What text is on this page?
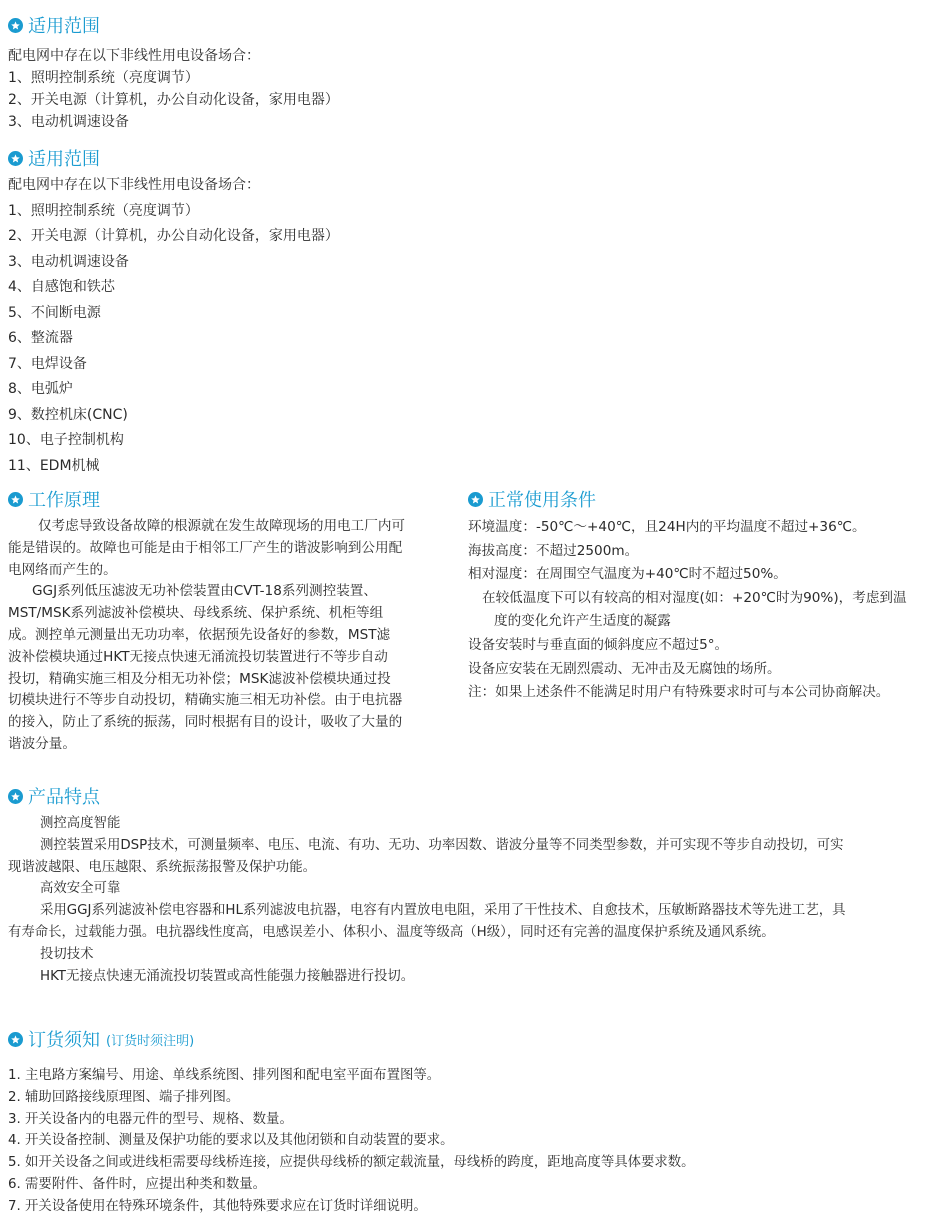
适用范围
配电网中存在以下非线性用电设备场合：
1、照明控制系统（亮度调节）
2、开关电源（计算机，办公自动化设备，家用电器）
3、电动机调速设备
适用范围
配电网中存在以下非线性用电设备场合：
1、照明控制系统（亮度调节）
2、开关电源（计算机，办公自动化设备，家用电器）
3、电动机调速设备
4、自感饱和铁芯
5、不间断电源
6、整流器
7、电焊设备
8、电弧炉
9、数控机床(CNC)
10、电子控制机构
11、EDM机械
工作原理
仅考虑导致设备故障的根源就在发生故障现场的用电工厂内可
能是错误的。故障也可能是由于相邻工厂产生的谐波影响到公用配
电网络而产生的。
GGJ系列低压滤波无功补偿装置由CVT-18系列测控装置、
MST/MSK系列滤波补偿模块、母线系统、保护系统、机柜等组
成。测控单元测量出无功功率，依据预先设备好的参数，MST滤
波补偿模块通过HKT无接点快速无涌流投切装置进行不等步自动
投切，精确实施三相及分相无功补偿；MSK滤波补偿模块通过投
切模块进行不等步自动投切，精确实施三相无功补偿。由于电抗器
的接入，防止了系统的振荡，同时根据有目的设计，吸收了大量的
谐波分量。
正常使用条件
环境温度：-50℃～+40℃，且24H内的平均温度不超过+36℃。
海拔高度：不超过2500m。
相对湿度：在周围空气温度为+40℃时不超过50%。
在较低温度下可以有较高的相对湿度(如：+20℃时为90%)，考虑到温
度的变化允许产生适度的凝露
设备安装时与垂直面的倾斜度应不超过5°。
设备应安装在无剧烈震动、无冲击及无腐蚀的场所。
注：如果上述条件不能满足时用户有特殊要求时可与本公司协商解决。
产品特点
测控高度智能
测控装置采用DSP技术，可测量频率、电压、电流、有功、无功、功率因数、谐波分量等不同类型参数，并可实现不等步自动投切，可实
现谐波越限、电压越限、系统振荡报警及保护功能。
高效安全可靠
采用GGJ系列滤波补偿电容器和HL系列滤波电抗器，电容有内置放电电阻，采用了干性技术、自愈技术，压敏断路器技术等先进工艺，具
有寿命长，过载能力强。电抗器线性度高，电感误差小、体积小、温度等级高（H级），同时还有完善的温度保护系统及通风系统。
投切技术
HKT无接点快速无涌流投切装置或高性能强力接触器进行投切。
订货须知 (订货时须注明)
1. 主电路方案编号、用途、单线系统图、排列图和配电室平面布置图等。
2. 辅助回路接线原理图、端子排列图。
3. 开关设备内的电器元件的型号、规格、数量。
4. 开关设备控制、测量及保护功能的要求以及其他闭锁和自动装置的要求。
5. 如开关设备之间或进线柜需要母线桥连接，应提供母线桥的额定载流量，母线桥的跨度，距地高度等具体要求数。
6. 需要附件、备件时，应提出种类和数量。
7. 开关设备使用在特殊环境条件，其他特殊要求应在订货时详细说明。
